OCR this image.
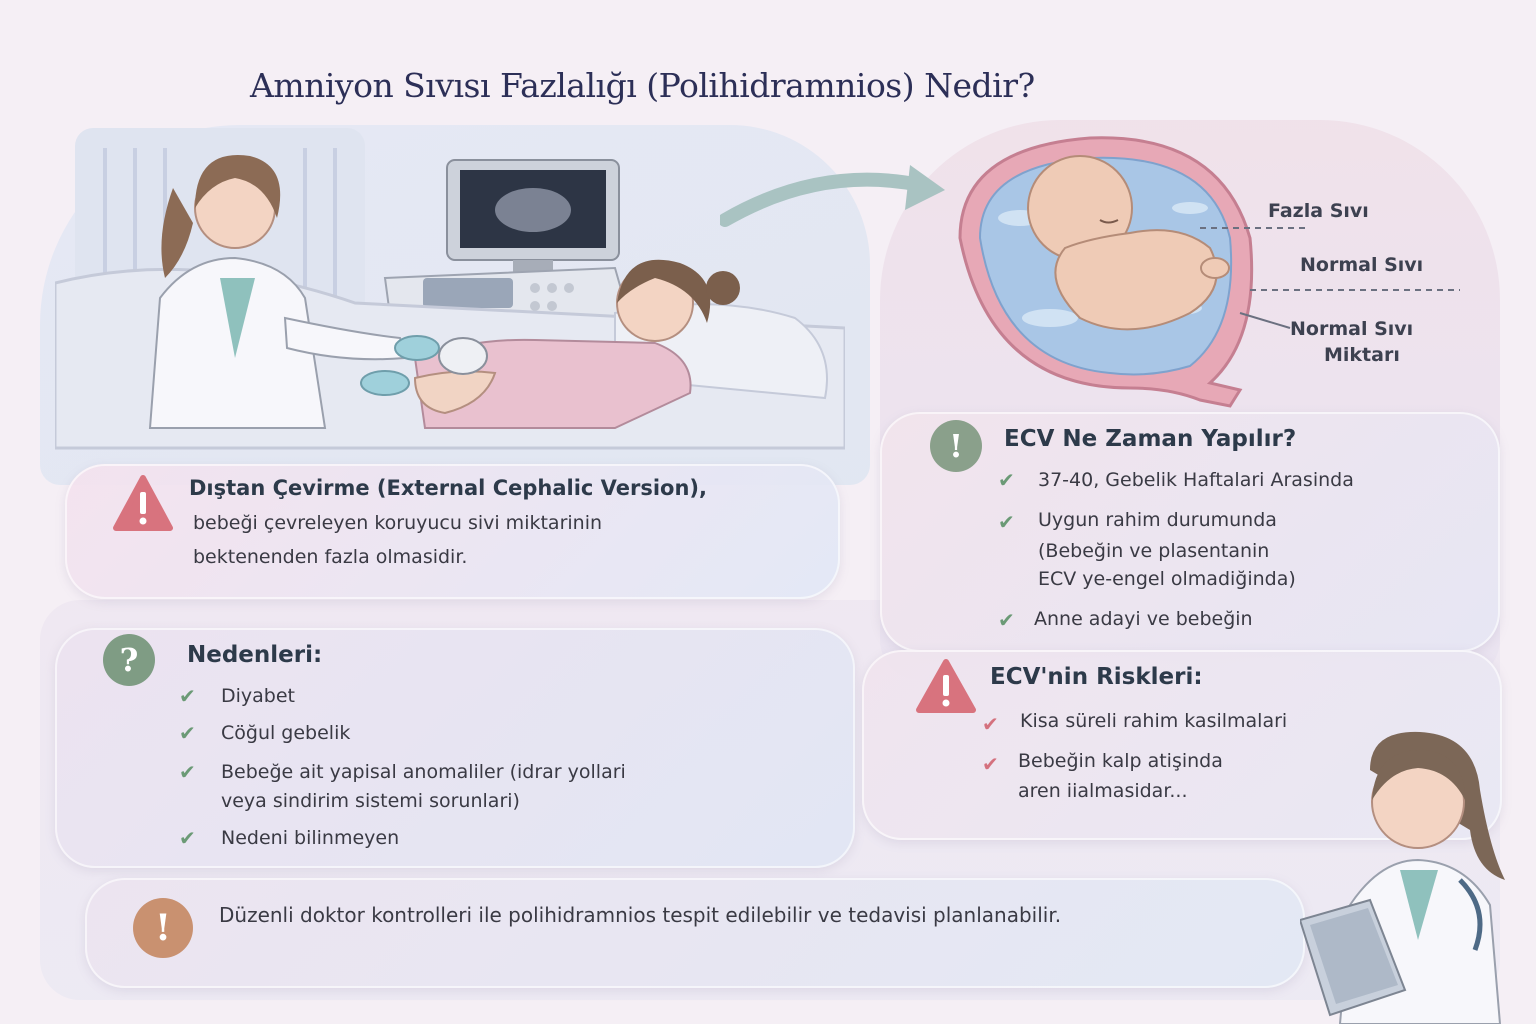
Amniyon Sıvısı Fazlalığı (Polihidramnios) Nedir?
Fazla Sıvı
Normal Sıvı
Normal Sıvı
Miktarı
Dıştan Çevirme (External Cephalic Version),
bebeği çevreleyen koruyucu sivi miktarinin
bektenenden fazla olmasidir.
?	Nedenleri:
✔ Diyabet
✔ Cöğul gebelik
✔ Bebeğe ait yapisal anomaliler (idrar yollari
veya sindirim sistemi sorunlari)
✔ Nedeni bilinmeyen
!	ECV Ne Zaman Yapılır?
✔ 37-40, Gebelik Haftalari Arasinda
✔ Uygun rahim durumunda
(Bebeğin ve plasentanin
ECV ye-engel olmadiğinda)
✔ Anne adayi ve bebeğin
ECV'nin Riskleri:
✔ Kisa süreli rahim kasilmalari
✔ Bebeğin kalp atişinda
aren iialmasidar...
!	Düzenli doktor kontrolleri ile polihidramnios tespit edilebilir ve tedavisi planlanabilir.
